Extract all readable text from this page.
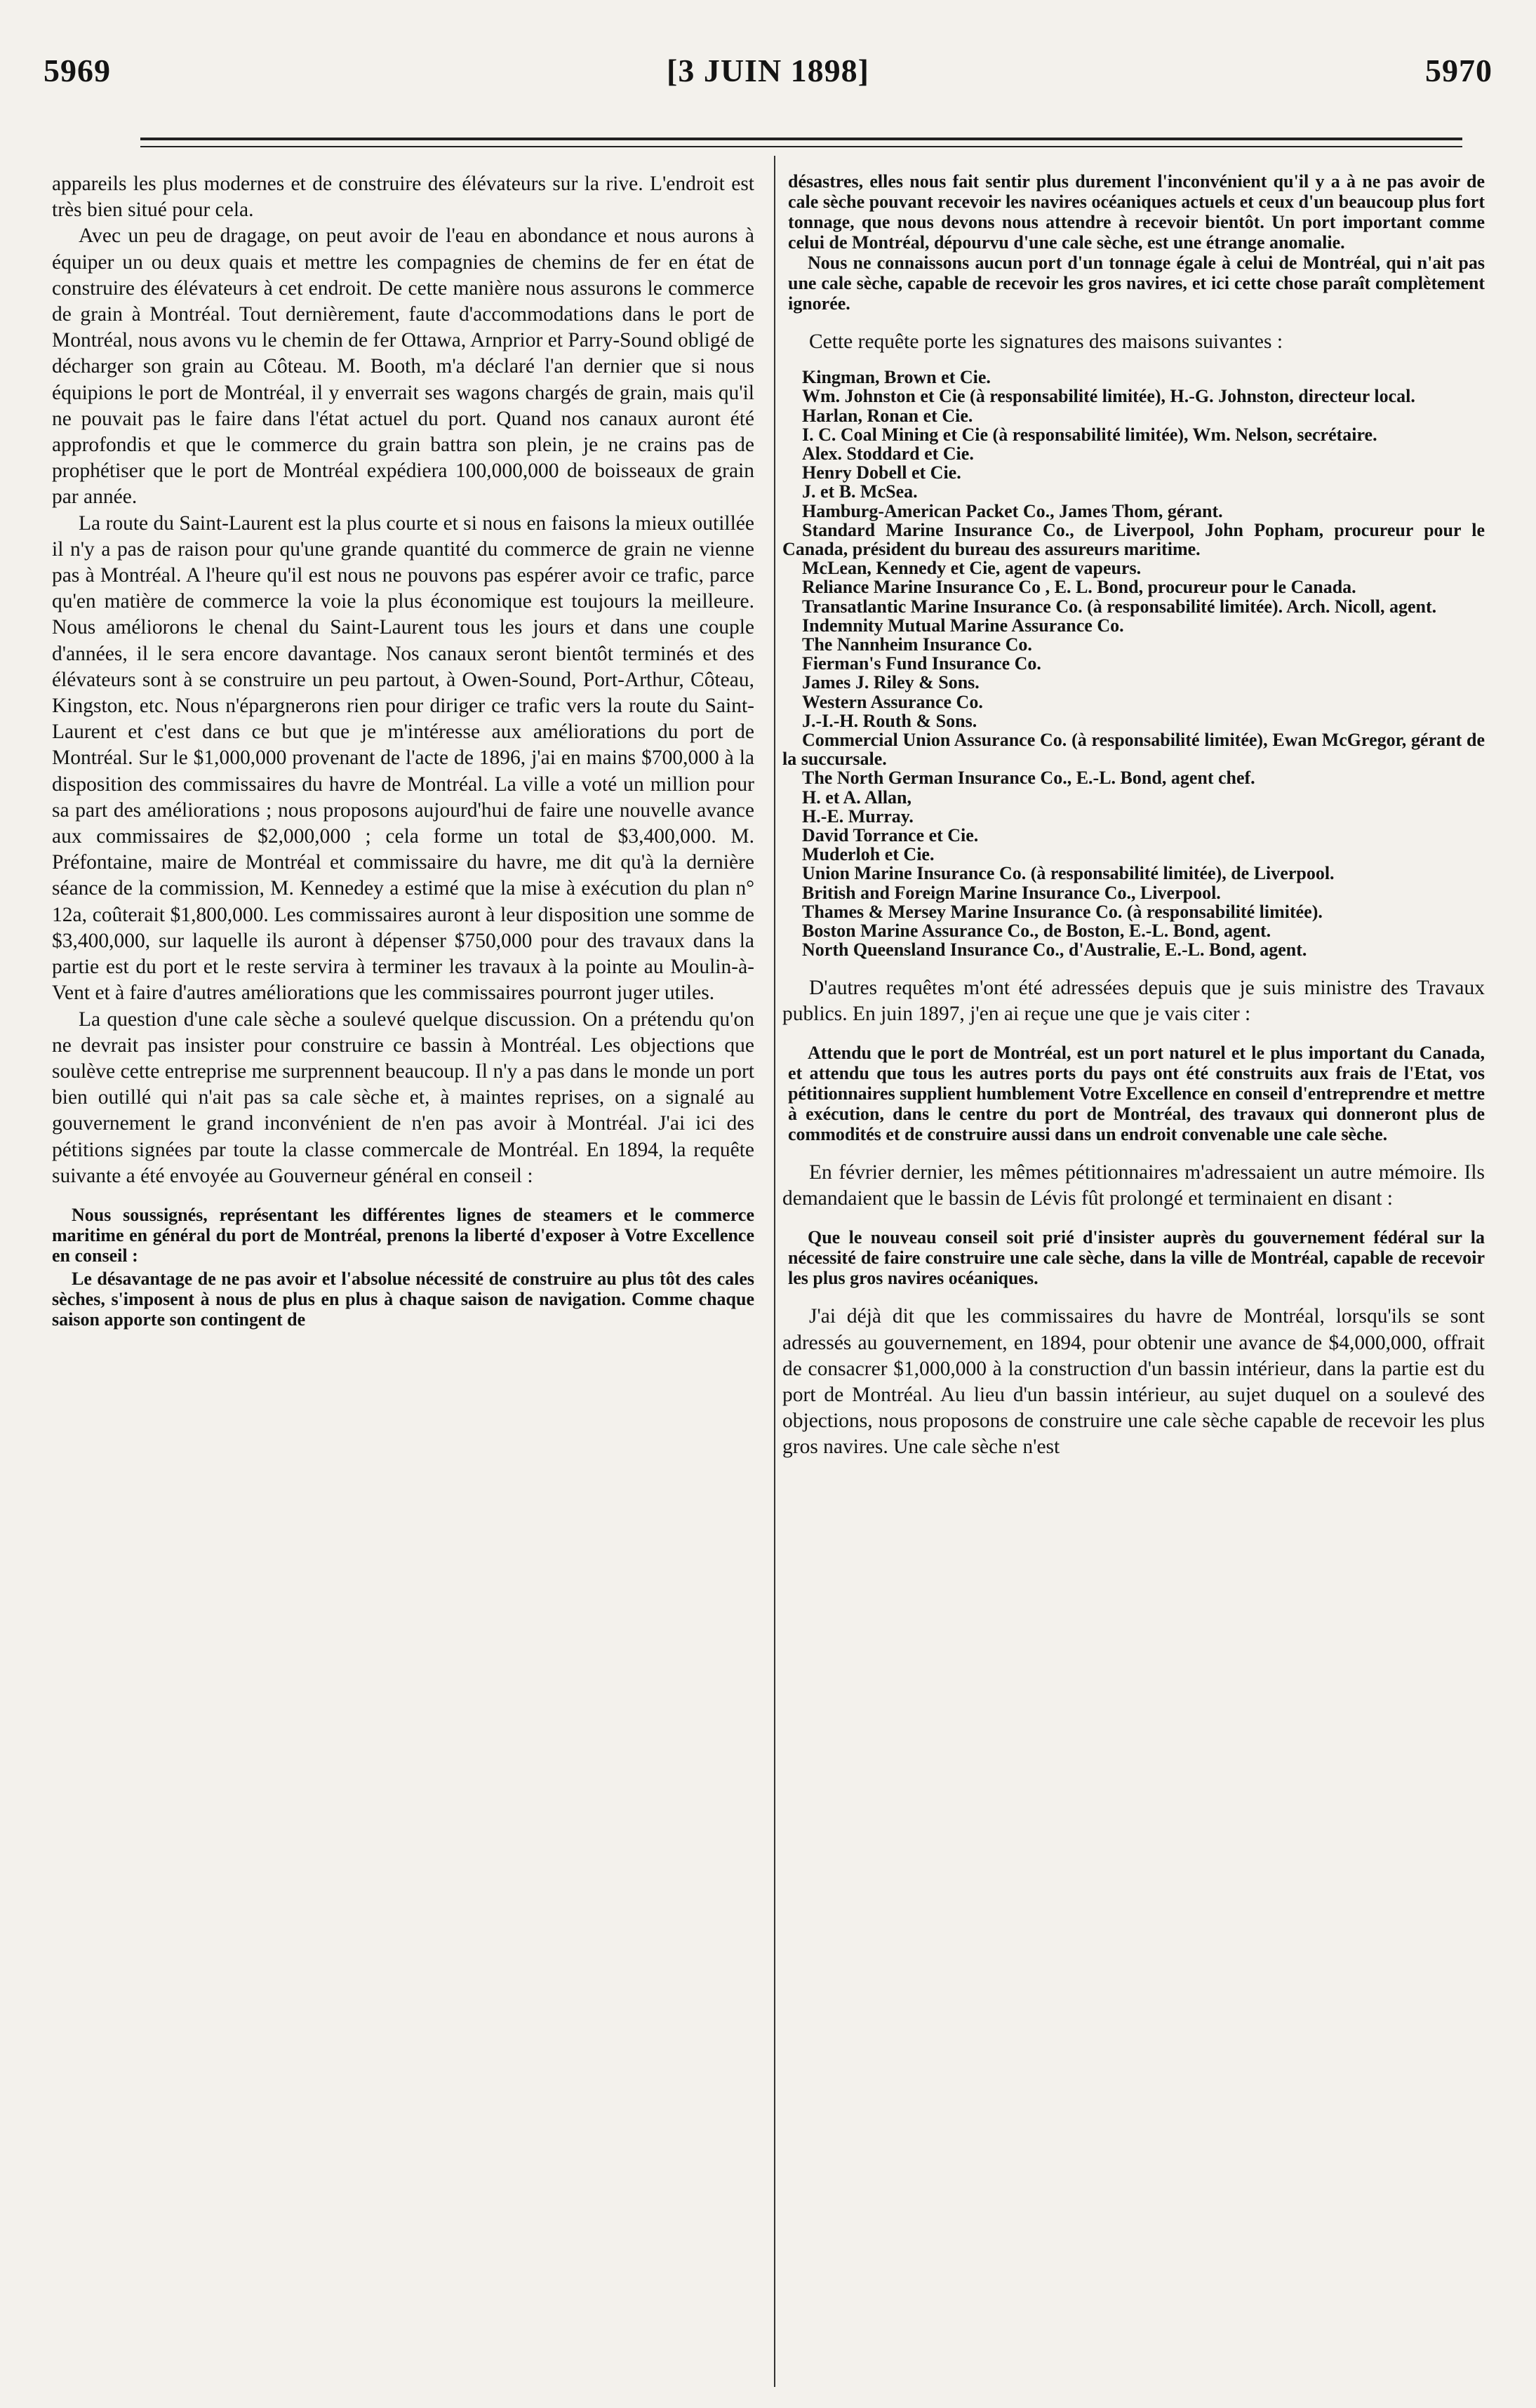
5969	[3 JUIN 1898]	5970

appareils les plus modernes et de construire des élévateurs sur la rive. L'endroit est très bien situé pour cela.

Avec un peu de dragage, on peut avoir de l'eau en abondance et nous aurons à équiper un ou deux quais et mettre les compagnies de chemins de fer en état de construire des élévateurs à cet endroit. De cette manière nous assurons le commerce de grain à Montréal. Tout dernièrement, faute d'accommodations dans le port de Montréal, nous avons vu le chemin de fer Ottawa, Arnprior et Parry-Sound obligé de décharger son grain au Côteau. M. Booth, m'a déclaré l'an dernier que si nous équipions le port de Montréal, il y enverrait ses wagons chargés de grain, mais qu'il ne pouvait pas le faire dans l'état actuel du port. Quand nos canaux auront été approfondis et que le commerce du grain battra son plein, je ne crains pas de prophétiser que le port de Montréal expédiera 100,000,000 de boisseaux de grain par année.

La route du Saint-Laurent est la plus courte et si nous en faisons la mieux outillée il n'y a pas de raison pour qu'une grande quantité du commerce de grain ne vienne pas à Montréal. A l'heure qu'il est nous ne pouvons pas espérer avoir ce trafic, parce qu'en matière de commerce la voie la plus économique est toujours la meilleure. Nous améliorons le chenal du Saint-Laurent tous les jours et dans une couple d'années, il le sera encore davantage. Nos canaux seront bientôt terminés et des élévateurs sont à se construire un peu partout, à Owen-Sound, Port-Arthur, Côteau, Kingston, etc. Nous n'épargnerons rien pour diriger ce trafic vers la route du Saint-Laurent et c'est dans ce but que je m'intéresse aux améliorations du port de Montréal. Sur le $1,000,000 provenant de l'acte de 1896, j'ai en mains $700,000 à la disposition des commissaires du havre de Montréal. La ville a voté un million pour sa part des améliorations ; nous proposons aujourd'hui de faire une nouvelle avance aux commissaires de $2,000,000 ; cela forme un total de $3,400,000. M. Préfontaine, maire de Montréal et commissaire du havre, me dit qu'à la dernière séance de la commission, M. Kennedey a estimé que la mise à exécution du plan n° 12a, coûterait $1,800,000. Les commissaires auront à leur disposition une somme de $3,400,000, sur laquelle ils auront à dépenser $750,000 pour des travaux dans la partie est du port et le reste servira à terminer les travaux à la pointe au Moulin-à-Vent et à faire d'autres améliorations que les commissaires pourront juger utiles.

La question d'une cale sèche a soulevé quelque discussion. On a prétendu qu'on ne devrait pas insister pour construire ce bassin à Montréal. Les objections que soulève cette entreprise me surprennent beaucoup. Il n'y a pas dans le monde un port bien outillé qui n'ait pas sa cale sèche et, à maintes reprises, on a signalé au gouvernement le grand inconvénient de n'en pas avoir à Montréal. J'ai ici des pétitions signées par toute la classe commercale de Montréal. En 1894, la requête suivante a été envoyée au Gouverneur général en conseil :

Nous soussignés, représentant les différentes lignes de steamers et le commerce maritime en général du port de Montréal, prenons la liberté d'exposer à Votre Excellence en conseil :

Le désavantage de ne pas avoir et l'absolue nécessité de construire au plus tôt des cales sèches, s'imposent à nous de plus en plus à chaque saison de navigation. Comme chaque saison apporte son contingent de

désastres, elles nous fait sentir plus durement l'inconvénient qu'il y a à ne pas avoir de cale sèche pouvant recevoir les navires océaniques actuels et ceux d'un beaucoup plus fort tonnage, que nous devons nous attendre à recevoir bientôt. Un port important comme celui de Montréal, dépourvu d'une cale sèche, est une étrange anomalie.

Nous ne connaissons aucun port d'un tonnage égale à celui de Montréal, qui n'ait pas une cale sèche, capable de recevoir les gros navires, et ici cette chose paraît complètement ignorée.

Cette requête porte les signatures des maisons suivantes :

Kingman, Brown et Cie.
Wm. Johnston et Cie (à responsabilité limitée), H.-G. Johnston, directeur local.
Harlan, Ronan et Cie.
I. C. Coal Mining et Cie (à responsabilité limitée), Wm. Nelson, secrétaire.
Alex. Stoddard et Cie.
Henry Dobell et Cie.
J. et B. McSea.
Hamburg-American Packet Co., James Thom, gérant.
Standard Marine Insurance Co., de Liverpool, John Popham, procureur pour le Canada, président du bureau des assureurs maritime.
McLean, Kennedy et Cie, agent de vapeurs.
Reliance Marine Insurance Co , E. L. Bond, procureur pour le Canada.
Transatlantic Marine Insurance Co. (à responsabilité limitée). Arch. Nicoll, agent.
Indemnity Mutual Marine Assurance Co.
The Nannheim Insurance Co.
Fierman's Fund Insurance Co.
James J. Riley & Sons.
Western Assurance Co.
J.-I.-H. Routh & Sons.
Commercial Union Assurance Co. (à responsabilité limitée), Ewan McGregor, gérant de la succursale.
The North German Insurance Co., E.-L. Bond, agent chef.
H. et A. Allan,
H.-E. Murray.
David Torrance et Cie.
Muderloh et Cie.
Union Marine Insurance Co. (à responsabilité limitée), de Liverpool.
British and Foreign Marine Insurance Co., Liverpool.
Thames & Mersey Marine Insurance Co. (à responsabilité limitée).
Boston Marine Assurance Co., de Boston, E.-L. Bond, agent.
North Queensland Insurance Co., d'Australie, E.-L. Bond, agent.

D'autres requêtes m'ont été adressées depuis que je suis ministre des Travaux publics. En juin 1897, j'en ai reçue une que je vais citer :

Attendu que le port de Montréal, est un port naturel et le plus important du Canada, et attendu que tous les autres ports du pays ont été construits aux frais de l'Etat, vos pétitionnaires supplient humblement Votre Excellence en conseil d'entreprendre et mettre à exécution, dans le centre du port de Montréal, des travaux qui donneront plus de commodités et de construire aussi dans un endroit convenable une cale sèche.

En février dernier, les mêmes pétitionnaires m'adressaient un autre mémoire. Ils demandaient que le bassin de Lévis fût prolongé et terminaient en disant :

Que le nouveau conseil soit prié d'insister auprès du gouvernement fédéral sur la nécessité de faire construire une cale sèche, dans la ville de Montréal, capable de recevoir les plus gros navires océaniques.

J'ai déjà dit que les commissaires du havre de Montréal, lorsqu'ils se sont adressés au gouvernement, en 1894, pour obtenir une avance de $4,000,000, offrait de consacrer $1,000,000 à la construction d'un bassin intérieur, dans la partie est du port de Montréal. Au lieu d'un bassin intérieur, au sujet duquel on a soulevé des objections, nous proposons de construire une cale sèche capable de recevoir les plus gros navires. Une cale sèche n'est
